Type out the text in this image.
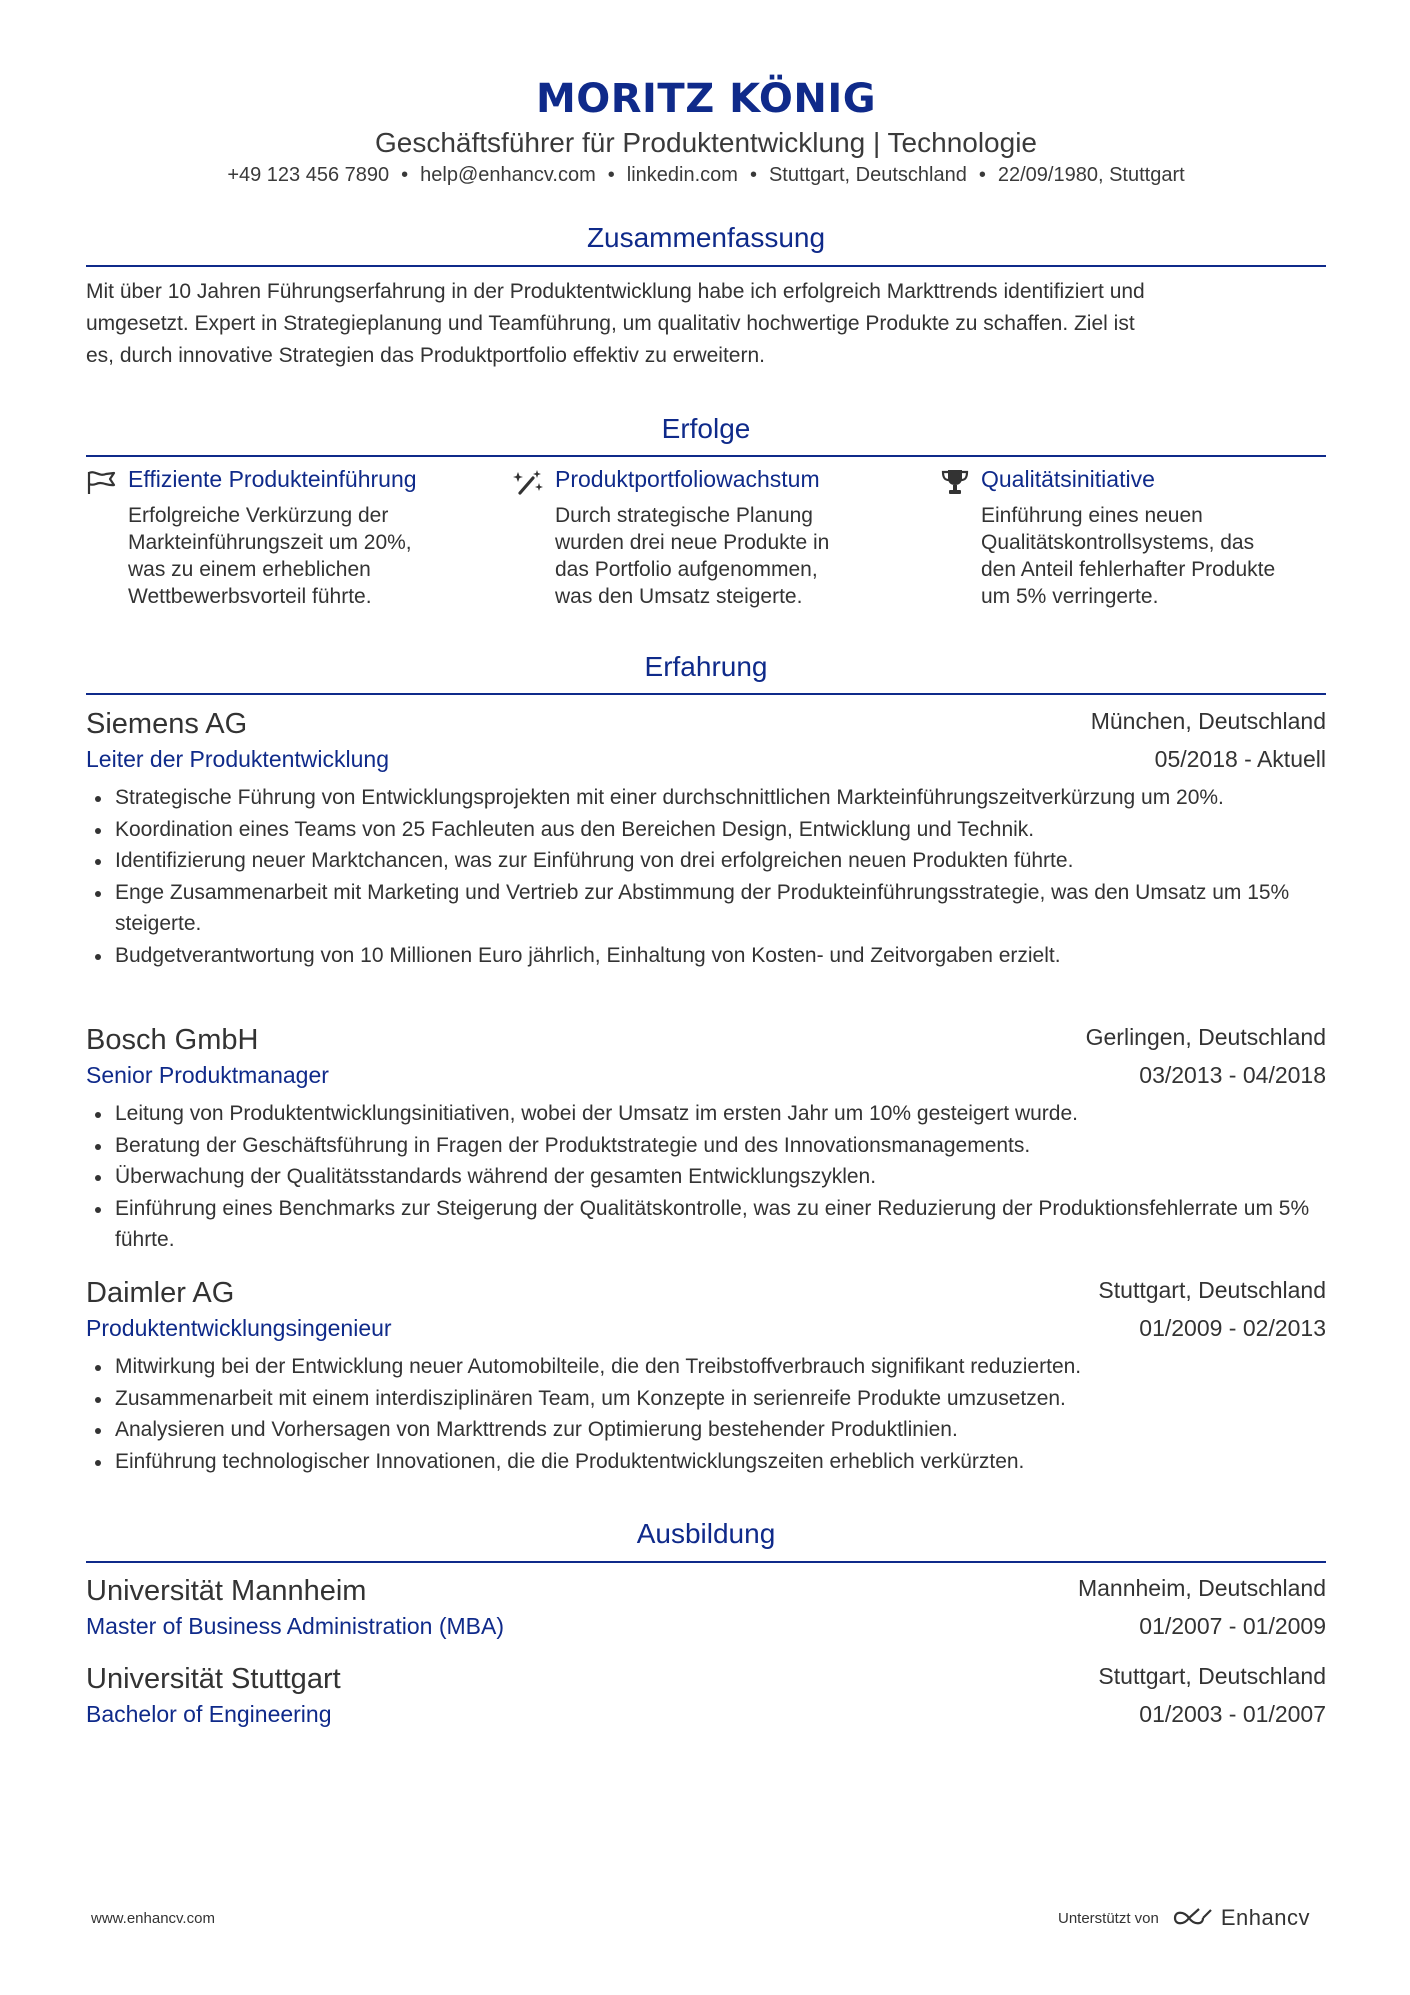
MORITZ KÖNIG
Geschäftsführer für Produktentwicklung | Technologie
+49 123 456 7890 • help@enhancv.com • linkedin.com • Stuttgart, Deutschland • 22/09/1980, Stuttgart
Zusammenfassung
Mit über 10 Jahren Führungserfahrung in der Produktentwicklung habe ich erfolgreich Markttrends identifiziert und
umgesetzt. Expert in Strategieplanung und Teamführung, um qualitativ hochwertige Produkte zu schaffen. Ziel ist
es, durch innovative Strategien das Produktportfolio effektiv zu erweitern.
Erfolge
Effiziente Produkteinführung
Erfolgreiche Verkürzung der
Markteinführungszeit um 20%,
was zu einem erheblichen
Wettbewerbsvorteil führte.
Produktportfoliowachstum
Durch strategische Planung
wurden drei neue Produkte in
das Portfolio aufgenommen,
was den Umsatz steigerte.
Qualitätsinitiative
Einführung eines neuen
Qualitätskontrollsystems, das
den Anteil fehlerhafter Produkte
um 5% verringerte.
Erfahrung
Siemens AG	München, Deutschland
Leiter der Produktentwicklung	05/2018 - Aktuell
Strategische Führung von Entwicklungsprojekten mit einer durchschnittlichen Markteinführungszeitverkürzung um 20%.
Koordination eines Teams von 25 Fachleuten aus den Bereichen Design, Entwicklung und Technik.
Identifizierung neuer Marktchancen, was zur Einführung von drei erfolgreichen neuen Produkten führte.
Enge Zusammenarbeit mit Marketing und Vertrieb zur Abstimmung der Produkteinführungsstrategie, was den Umsatz um 15% steigerte.
Budgetverantwortung von 10 Millionen Euro jährlich, Einhaltung von Kosten- und Zeitvorgaben erzielt.
Bosch GmbH	Gerlingen, Deutschland
Senior Produktmanager	03/2013 - 04/2018
Leitung von Produktentwicklungsinitiativen, wobei der Umsatz im ersten Jahr um 10% gesteigert wurde.
Beratung der Geschäftsführung in Fragen der Produktstrategie und des Innovationsmanagements.
Überwachung der Qualitätsstandards während der gesamten Entwicklungszyklen.
Einführung eines Benchmarks zur Steigerung der Qualitätskontrolle, was zu einer Reduzierung der Produktionsfehlerrate um 5% führte.
Daimler AG	Stuttgart, Deutschland
Produktentwicklungsingenieur	01/2009 - 02/2013
Mitwirkung bei der Entwicklung neuer Automobilteile, die den Treibstoffverbrauch signifikant reduzierten.
Zusammenarbeit mit einem interdisziplinären Team, um Konzepte in serienreife Produkte umzusetzen.
Analysieren und Vorhersagen von Markttrends zur Optimierung bestehender Produktlinien.
Einführung technologischer Innovationen, die die Produktentwicklungszeiten erheblich verkürzten.
Ausbildung
Universität Mannheim	Mannheim, Deutschland
Master of Business Administration (MBA)	01/2007 - 01/2009
Universität Stuttgart	Stuttgart, Deutschland
Bachelor of Engineering	01/2003 - 01/2007
www.enhancv.com	Unterstützt von	Enhancv
